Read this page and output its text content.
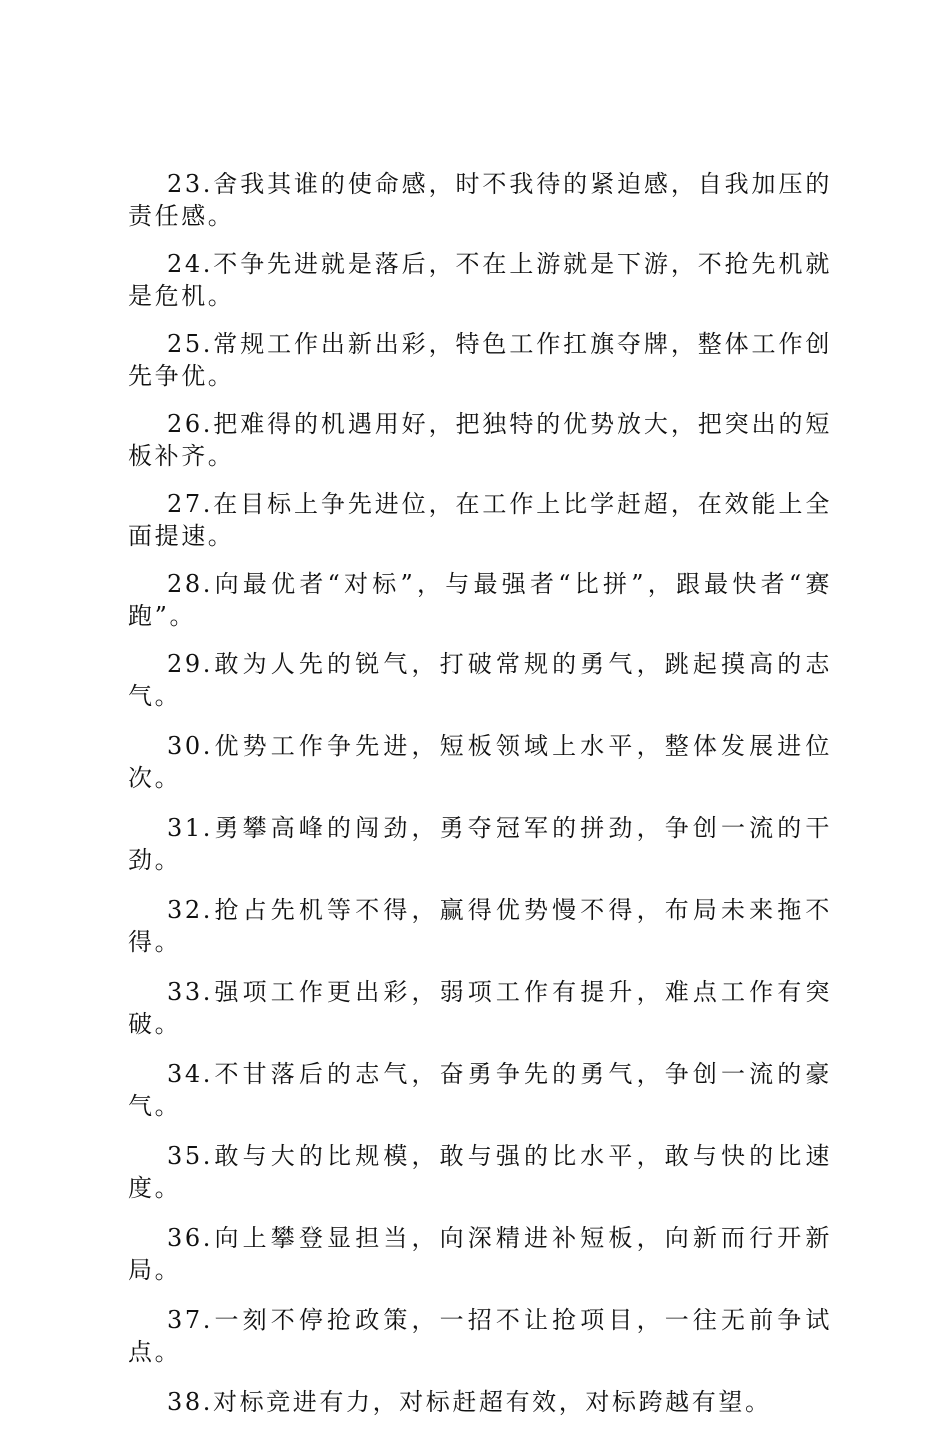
23.舍我其谁的使命感，时不我待的紧迫感，自我加压的责任感。

24.不争先进就是落后，不在上游就是下游，不抢先机就是危机。

25.常规工作出新出彩，特色工作扛旗夺牌，整体工作创先争优。

26.把难得的机遇用好，把独特的优势放大，把突出的短板补齐。

27.在目标上争先进位，在工作上比学赶超，在效能上全面提速。

28.向最优者“对标”，与最强者“比拼”，跟最快者“赛跑”。

29.敢为人先的锐气，打破常规的勇气，跳起摸高的志气。

30.优势工作争先进，短板领域上水平，整体发展进位次。

31.勇攀高峰的闯劲，勇夺冠军的拼劲，争创一流的干劲。

32.抢占先机等不得，赢得优势慢不得，布局未来拖不得。

33.强项工作更出彩，弱项工作有提升，难点工作有突破。

34.不甘落后的志气，奋勇争先的勇气，争创一流的豪气。

35.敢与大的比规模，敢与强的比水平，敢与快的比速度。

36.向上攀登显担当，向深精进补短板，向新而行开新局。

37.一刻不停抢政策，一招不让抢项目，一往无前争试点。

38.对标竞进有力，对标赶超有效，对标跨越有望。
